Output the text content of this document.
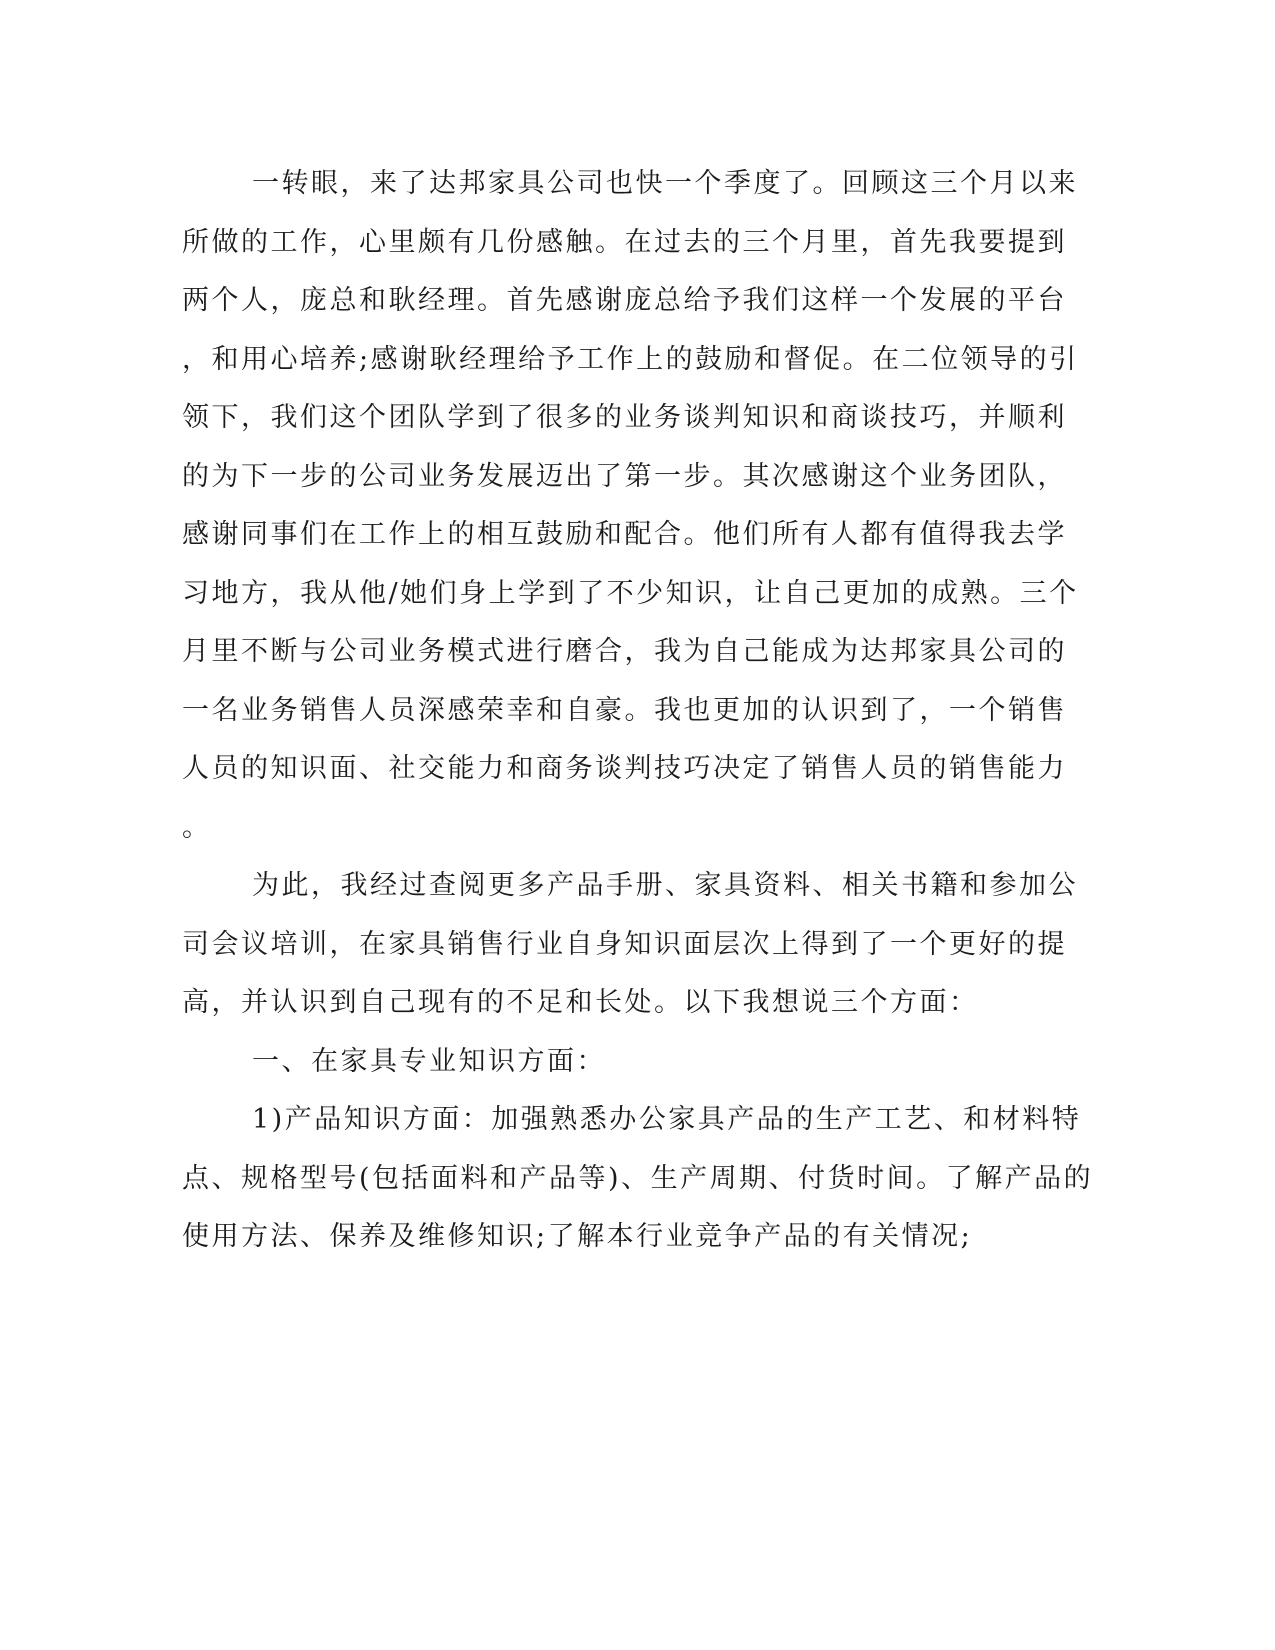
一转眼，来了达邦家具公司也快一个季度了。回顾这三个月以来
所做的工作，心里颇有几份感触。在过去的三个月里，首先我要提到
两个人，庞总和耿经理。首先感谢庞总给予我们这样一个发展的平台
，和用心培养;感谢耿经理给予工作上的鼓励和督促。在二位领导的引
领下，我们这个团队学到了很多的业务谈判知识和商谈技巧，并顺利
的为下一步的公司业务发展迈出了第一步。其次感谢这个业务团队，
感谢同事们在工作上的相互鼓励和配合。他们所有人都有值得我去学
习地方，我从他/她们身上学到了不少知识，让自己更加的成熟。三个
月里不断与公司业务模式进行磨合，我为自己能成为达邦家具公司的
一名业务销售人员深感荣幸和自豪。我也更加的认识到了，一个销售
人员的知识面、社交能力和商务谈判技巧决定了销售人员的销售能力
。
为此，我经过查阅更多产品手册、家具资料、相关书籍和参加公
司会议培训，在家具销售行业自身知识面层次上得到了一个更好的提
高，并认识到自己现有的不足和长处。以下我想说三个方面：
一、在家具专业知识方面：
1)产品知识方面：加强熟悉办公家具产品的生产工艺、和材料特
点、规格型号(包括面料和产品等)、生产周期、付货时间。了解产品的
使用方法、保养及维修知识;了解本行业竞争产品的有关情况;
